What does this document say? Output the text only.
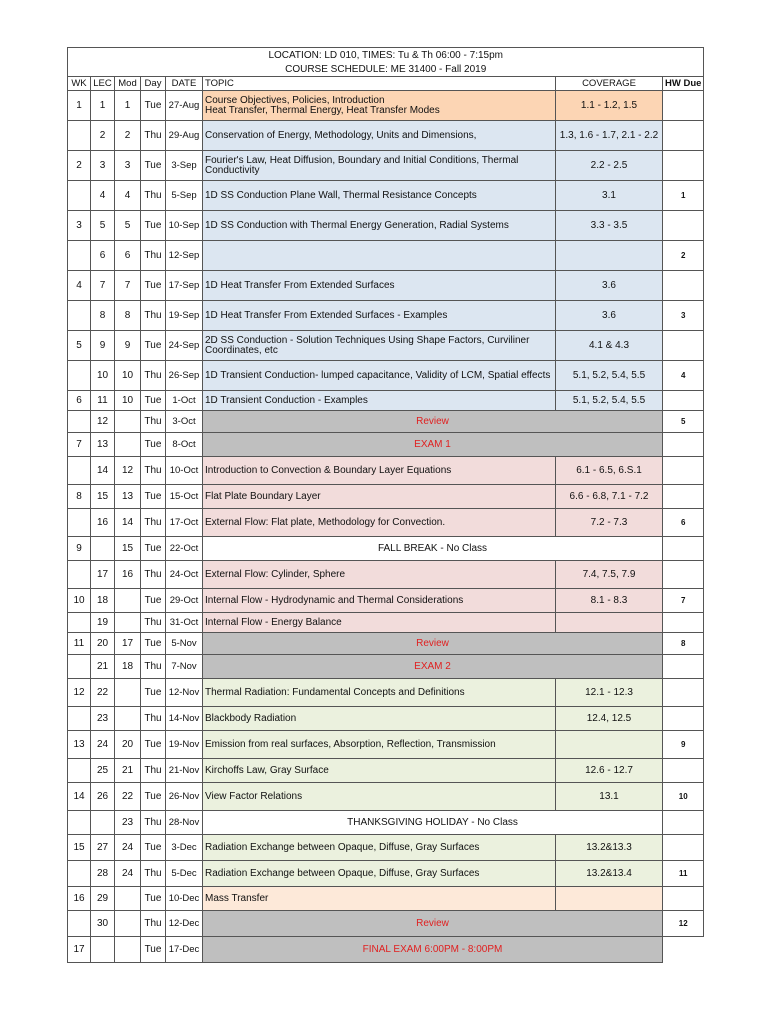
LOCATION: LD 010, TIMES: Tu & Th 06:00 - 7:15pm							
COURSE SCHEDULE: ME 31400 - Fall 2019							
WK	LEC	Mod	Day	DATE	TOPIC	COVERAGE	HW Due
1	1	1	Tue	27-Aug	Course Objectives, Policies, Introduction
Heat Transfer, Thermal Energy, Heat Transfer Modes	1.1 - 1.2, 1.5	
	2	2	Thu	29-Aug	Conservation of Energy, Methodology, Units and Dimensions,	1.3, 1.6 - 1.7, 2.1 - 2.2	
2	3	3	Tue	3-Sep	Fourier's Law, Heat Diffusion, Boundary and Initial Conditions, Thermal Conductivity	2.2 - 2.5	
	4	4	Thu	5-Sep	1D SS Conduction Plane Wall, Thermal Resistance Concepts	3.1	1
3	5	5	Tue	10-Sep	1D SS Conduction with Thermal Energy Generation, Radial Systems	3.3 - 3.5	
	6	6	Thu	12-Sep			2
4	7	7	Tue	17-Sep	1D Heat Transfer From Extended Surfaces	3.6	
	8	8	Thu	19-Sep	1D Heat Transfer From Extended Surfaces - Examples	3.6	3
5	9	9	Tue	24-Sep	2D SS Conduction - Solution Techniques Using Shape Factors, Curviliner Coordinates, etc	4.1 & 4.3	
	10	10	Thu	26-Sep	1D Transient Conduction- lumped capacitance, Validity of LCM, Spatial effects	5.1, 5.2, 5.4, 5.5	4
6	11	10	Tue	1-Oct	1D Transient Conduction - Examples	5.1, 5.2, 5.4, 5.5	
	12		Thu	3-Oct	Review		5
7	13		Tue	8-Oct	EXAM 1		
	14	12	Thu	10-Oct	Introduction to Convection & Boundary Layer Equations	6.1 - 6.5, 6.S.1	
8	15	13	Tue	15-Oct	Flat Plate Boundary Layer	6.6 - 6.8, 7.1 - 7.2	
	16	14	Thu	17-Oct	External Flow: Flat plate, Methodology for Convection.	7.2 - 7.3	6
9		15	Tue	22-Oct	FALL BREAK - No Class		
	17	16	Thu	24-Oct	External Flow: Cylinder, Sphere	7.4, 7.5, 7.9	
10	18		Tue	29-Oct	Internal Flow - Hydrodynamic and Thermal Considerations	8.1 - 8.3	7
	19		Thu	31-Oct	Internal Flow - Energy Balance		

11	20	17	Tue	5-Nov	Review		8
	21	18	Thu	7-Nov	EXAM 2		
12	22		Tue	12-Nov	Thermal Radiation: Fundamental Concepts and Definitions	12.1 - 12.3	
	23		Thu	14-Nov	Blackbody Radiation	12.4, 12.5	
13	24	20	Tue	19-Nov	Emission from real surfaces, Absorption, Reflection, Transmission		9
	25	21	Thu	21-Nov	Kirchoffs Law, Gray Surface	12.6 - 12.7	
14	26	22	Tue	26-Nov	View Factor Relations	13.1	10
		23	Thu	28-Nov	THANKSGIVING HOLIDAY - No Class		
15	27	24	Tue	3-Dec	Radiation Exchange between Opaque, Diffuse, Gray Surfaces	13.2&13.3	
	28	24	Thu	5-Dec	Radiation Exchange between Opaque, Diffuse, Gray Surfaces	13.2&13.4	11
16	29		Tue	10-Dec	Mass Transfer		

	30		Thu	12-Dec	Review		12
17			Tue	17-Dec	FINAL EXAM 6:00PM - 8:00PM		
